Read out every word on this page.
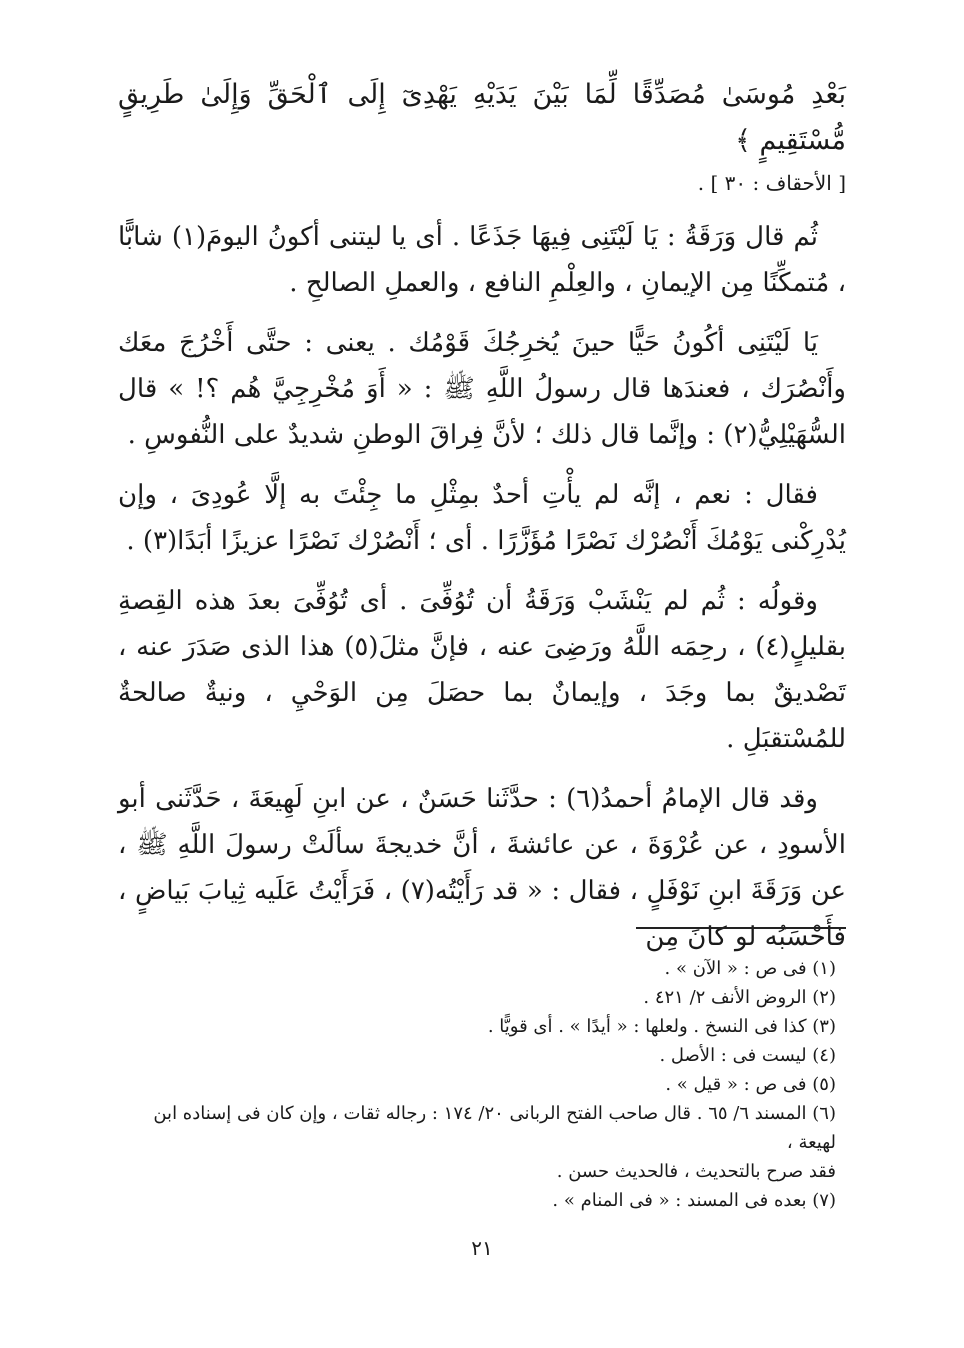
بَعْدِ مُوسَىٰ مُصَدِّقًا لِّمَا بَيْنَ يَدَيْهِ يَهْدِىٓ إِلَى ٱلْحَقِّ وَإِلَىٰ طَرِيقٍ مُّسْتَقِيمٍ ﴾
[ الأحقاف : ٣٠ ] .

ثُم قال وَرَقَةُ : يَا لَيْتَنِى فِيهَا جَذَعًا . أى يا ليتنى أكونُ اليومَ(١) شابًّا ، مُتمكِّنًا مِن الإيمانِ ، والعِلْمِ النافع ، والعملِ الصالحِ .

يَا لَيْتَنِى أكُونُ حَيًّا حينَ يُخرِجُكَ قَوْمُك . يعنى : حتَّى أَخْرُجَ معَك وأَنْصُرَك ، فعندَها قال رسولُ اللَّهِ ﷺ : « أَوَ مُخْرِجِيَّ هُم ؟! » قال السُّهَيْلِيُّ(٢) : وإنَّما قال ذلك ؛ لأنَّ فِراقَ الوطنِ شديدٌ على النُّفوسِ .

فقال : نعم ، إنَّه لم يأْتِ أحدٌ بمِثْلِ ما جِئْتَ به إلَّا عُودِىَ ، وإن يُدْرِكْنى يَوْمُكَ أَنْصُرْك نَصْرًا مُؤَزَّرًا . أى ؛ أَنْصُرْك نَصْرًا عزيزًا أبَدًا(٣) .

وقولُه : ثُم لم يَنْشَبْ وَرَقَةُ أن تُوُفِّىَ . أى تُوُفِّىَ بعدَ هذه القِصةِ بقليلٍ(٤) ، رحِمَه اللَّهُ ورَضِىَ عنه ، فإنَّ مثلَ(٥) هذا الذى صَدَرَ عنه ، تَصْديقٌ بما وجَدَ ، وإيمانٌ بما حصَلَ مِن الوَحْيِ ، ونيةٌ صالحةٌ للمُسْتقبَلِ .

وقد قال الإمامُ أحمدُ(٦) : حدَّثَنا حَسَنٌ ، عن ابنِ لَهِيعَةَ ، حَدَّثَنى أبو الأسودِ ، عن عُرْوَةَ ، عن عائشةَ ، أنَّ خديجةَ سألَتْ رسولَ اللَّهِ ﷺ ، عن وَرَقَةَ ابنِ نَوْفَلٍ ، فقال : « قد رَأَيْتُه(٧) ، فَرَأَيْتُ عَلَيه ثِيابَ بَياضٍ ، فأَحْسَبُه لو كانَ مِن

(١) فى ص : « الآن » .

(٢) الروض الأنف ٢/ ٤٢١ .

(٣) كذا فى النسخ . ولعلها : « أيدًا » . أى قويًّا .

(٤) ليست فى : الأصل .

(٥) فى ص : « قيل » .

(٦) المسند ٦/ ٦٥ . قال صاحب الفتح الربانى ٢٠/ ١٧٤ : رجاله ثقات ، وإن كان فى إسناده ابن لهيعة ،

فقد صرح بالتحديث ، فالحديث حسن .

(٧) بعده فى المسند : « فى المنام » .

٢١
